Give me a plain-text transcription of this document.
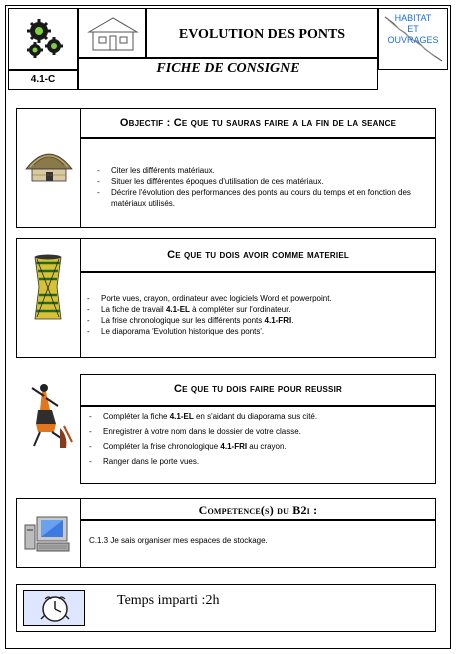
4.1-C
EVOLUTION DES PONTS
FICHE DE CONSIGNE
HABITAT
ET
OUVRAGES
Objectif : Ce que tu sauras faire a la fin de la seance
- Citer les différents matériaux.
- Situer les différentes époques d'utilisation de ces matériaux.
- Décrire l'évolution des performances des ponts au cours du temps et en fonction des matériaux utilisés.
Ce que tu dois avoir comme materiel
- Porte vues, crayon, ordinateur avec logiciels Word et powerpoint.
- La fiche de travail 4.1-EL à compléter sur l'ordinateur.
- La frise chronologique sur les différents ponts 4.1-FRI.
- Le diaporama 'Evolution historique des ponts'.
Ce que tu dois faire pour reussir
- Compléter la fiche 4.1-EL en s'aidant du diaporama sus cité.
- Enregistrer à votre nom dans le dossier de votre classe.
- Compléter la frise chronologique 4.1-FRI au crayon.
- Ranger dans le porte vues.
Competence(s) du B2i :
C.1.3 Je sais organiser mes espaces de stockage.
Temps imparti :2h
